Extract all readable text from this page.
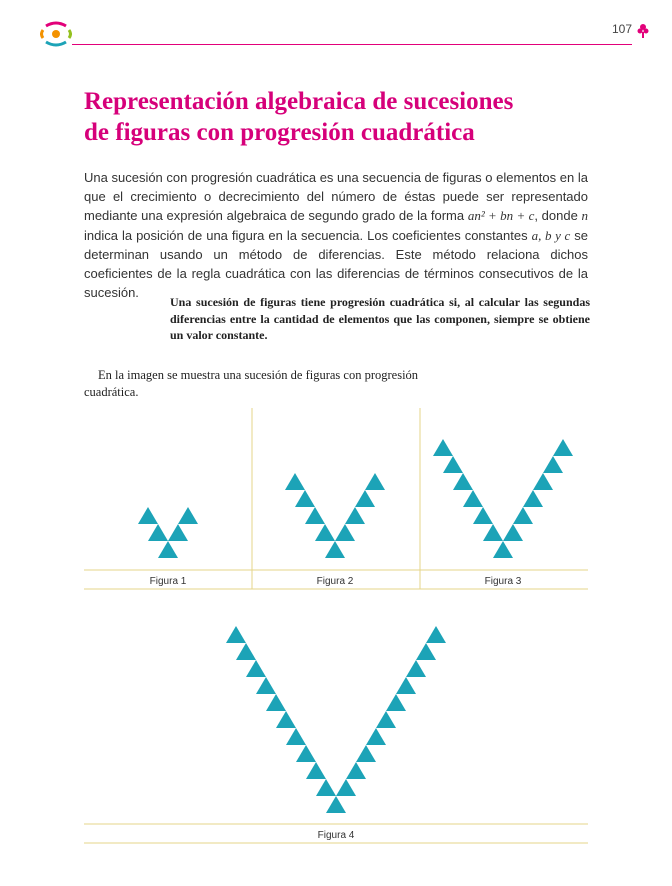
107
Representación algebraica de sucesiones
de figuras con progresión cuadrática

Una sucesión con progresión cuadrática es una secuencia de figuras o elementos en la que el crecimiento o decrecimiento del número de éstas puede ser representado mediante una expresión algebraica de segundo grado de la forma an² + bn + c, donde n indica la posición de una figura en la secuencia. Los coeficientes constantes a, b y c se determinan usando un método de diferencias. Este método relaciona dichos coeficientes de la regla cuadrática con las diferencias de términos consecutivos de la sucesión.

Una sucesión de figuras tiene progresión cuadrática si, al calcular las segundas diferencias entre la cantidad de elementos que las componen, siempre se obtiene un valor constante.

En la imagen se muestra una sucesión de figuras con progresión cuadrática.

Figura 1	Figura 2	Figura 3
Figura 4
